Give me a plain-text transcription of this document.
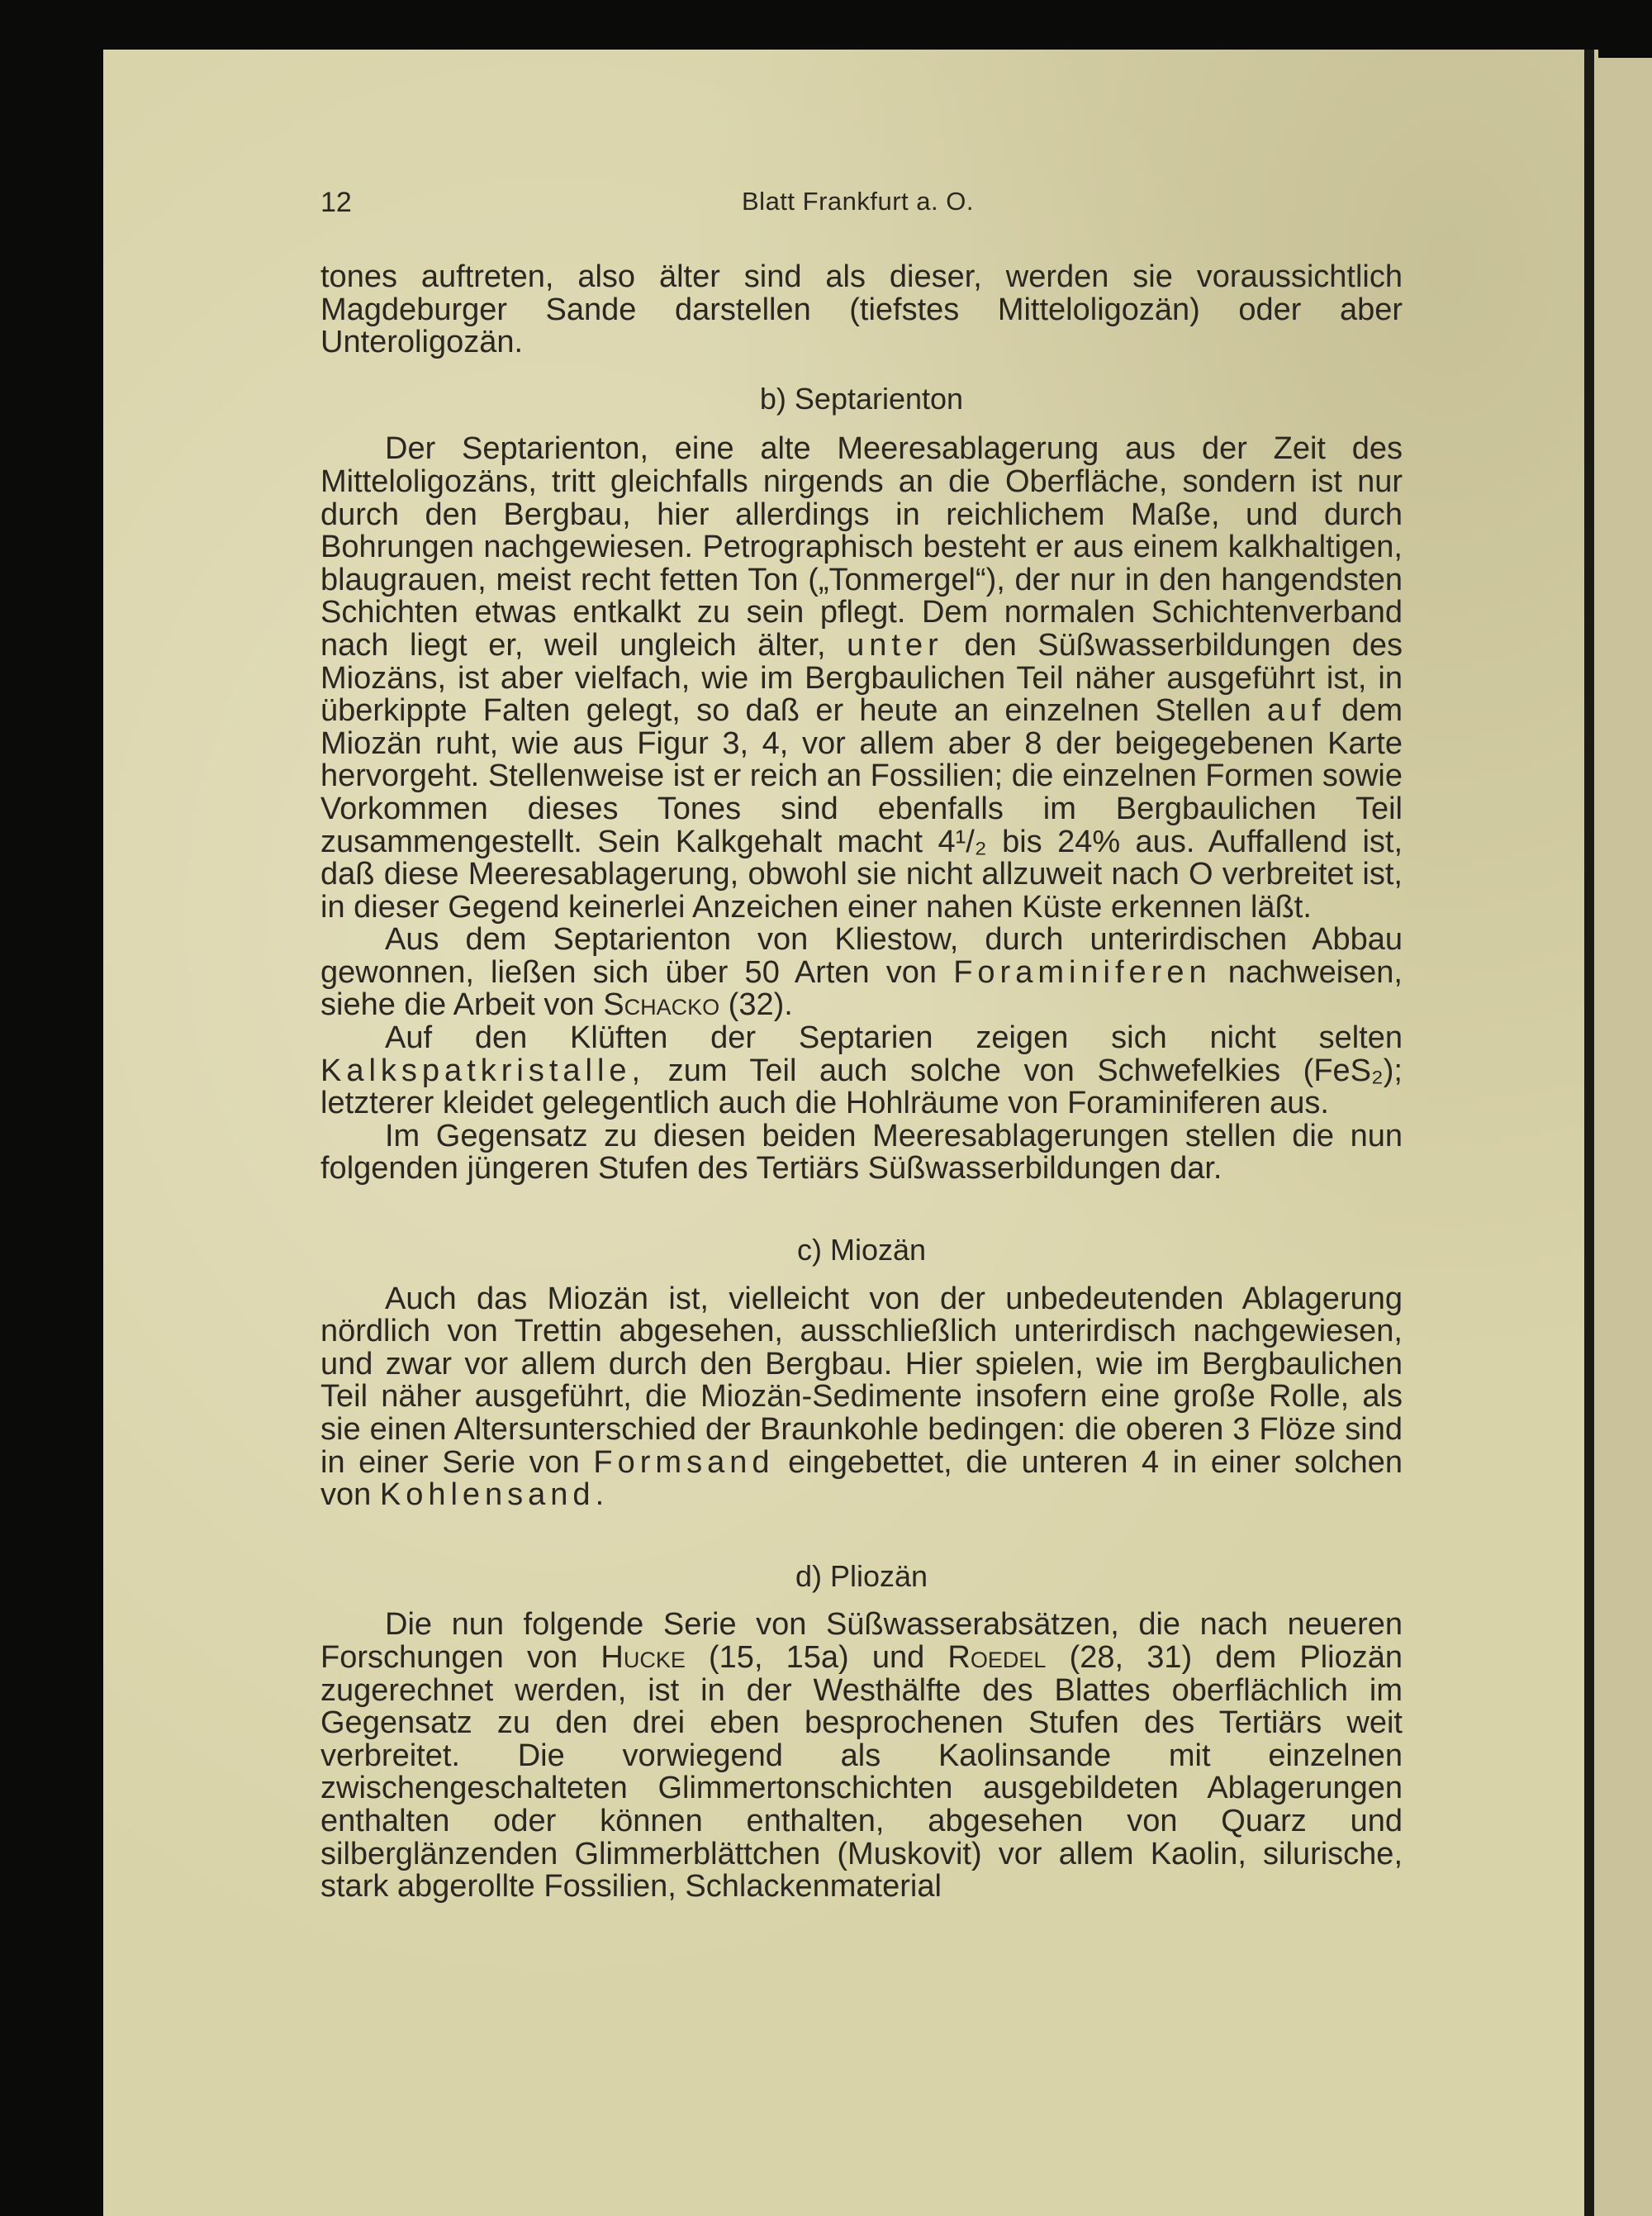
12	Blatt Frankfurt a. O.

tones auftreten, also älter sind als dieser, werden sie voraussichtlich Magdeburger Sande darstellen (tiefstes Mitteloligozän) oder aber Unteroligozän.

b) Septarienton

Der Septarienton, eine alte Meeresablagerung aus der Zeit des Mitteloligozäns, tritt gleichfalls nirgends an die Oberfläche, sondern ist nur durch den Bergbau, hier allerdings in reichlichem Maße, und durch Bohrungen nachgewiesen. Petrographisch besteht er aus einem kalkhaltigen, blaugrauen, meist recht fetten Ton („Tonmergel“), der nur in den hangendsten Schichten etwas entkalkt zu sein pflegt. Dem normalen Schichtenverband nach liegt er, weil ungleich älter, unter den Süßwasserbildungen des Miozäns, ist aber vielfach, wie im Bergbaulichen Teil näher ausgeführt ist, in überkippte Falten gelegt, so daß er heute an einzelnen Stellen auf dem Miozän ruht, wie aus Figur 3, 4, vor allem aber 8 der beigegebenen Karte hervorgeht. Stellenweise ist er reich an Fossilien; die einzelnen Formen sowie Vorkommen dieses Tones sind ebenfalls im Bergbaulichen Teil zusammengestellt. Sein Kalkgehalt macht 4¹/₂ bis 24% aus. Auffallend ist, daß diese Meeresablagerung, obwohl sie nicht allzuweit nach O verbreitet ist, in dieser Gegend keinerlei Anzeichen einer nahen Küste erkennen läßt.

Aus dem Septarienton von Kliestow, durch unterirdischen Abbau gewonnen, ließen sich über 50 Arten von Foraminiferen nachweisen, siehe die Arbeit von Schacko (32).

Auf den Klüften der Septarien zeigen sich nicht selten Kalkspatkristalle, zum Teil auch solche von Schwefelkies (FeS₂); letzterer kleidet gelegentlich auch die Hohlräume von Foraminiferen aus.

Im Gegensatz zu diesen beiden Meeresablagerungen stellen die nun folgenden jüngeren Stufen des Tertiärs Süßwasserbildungen dar.

c) Miozän

Auch das Miozän ist, vielleicht von der unbedeutenden Ablagerung nördlich von Trettin abgesehen, ausschließlich unterirdisch nachgewiesen, und zwar vor allem durch den Bergbau. Hier spielen, wie im Bergbaulichen Teil näher ausgeführt, die Miozän-Sedimente insofern eine große Rolle, als sie einen Altersunterschied der Braunkohle bedingen: die oberen 3 Flöze sind in einer Serie von Formsand eingebettet, die unteren 4 in einer solchen von Kohlensand.

d) Pliozän

Die nun folgende Serie von Süßwasserabsätzen, die nach neueren Forschungen von Hucke (15, 15a) und Roedel (28, 31) dem Pliozän zugerechnet werden, ist in der Westhälfte des Blattes oberflächlich im Gegensatz zu den drei eben besprochenen Stufen des Tertiärs weit verbreitet. Die vorwiegend als Kaolinsande mit einzelnen zwischengeschalteten Glimmertonschichten ausgebildeten Ablagerungen enthalten oder können enthalten, abgesehen von Quarz und silberglänzenden Glimmerblättchen (Muskovit) vor allem Kaolin, silurische, stark abgerollte Fossilien, Schlackenmaterial
